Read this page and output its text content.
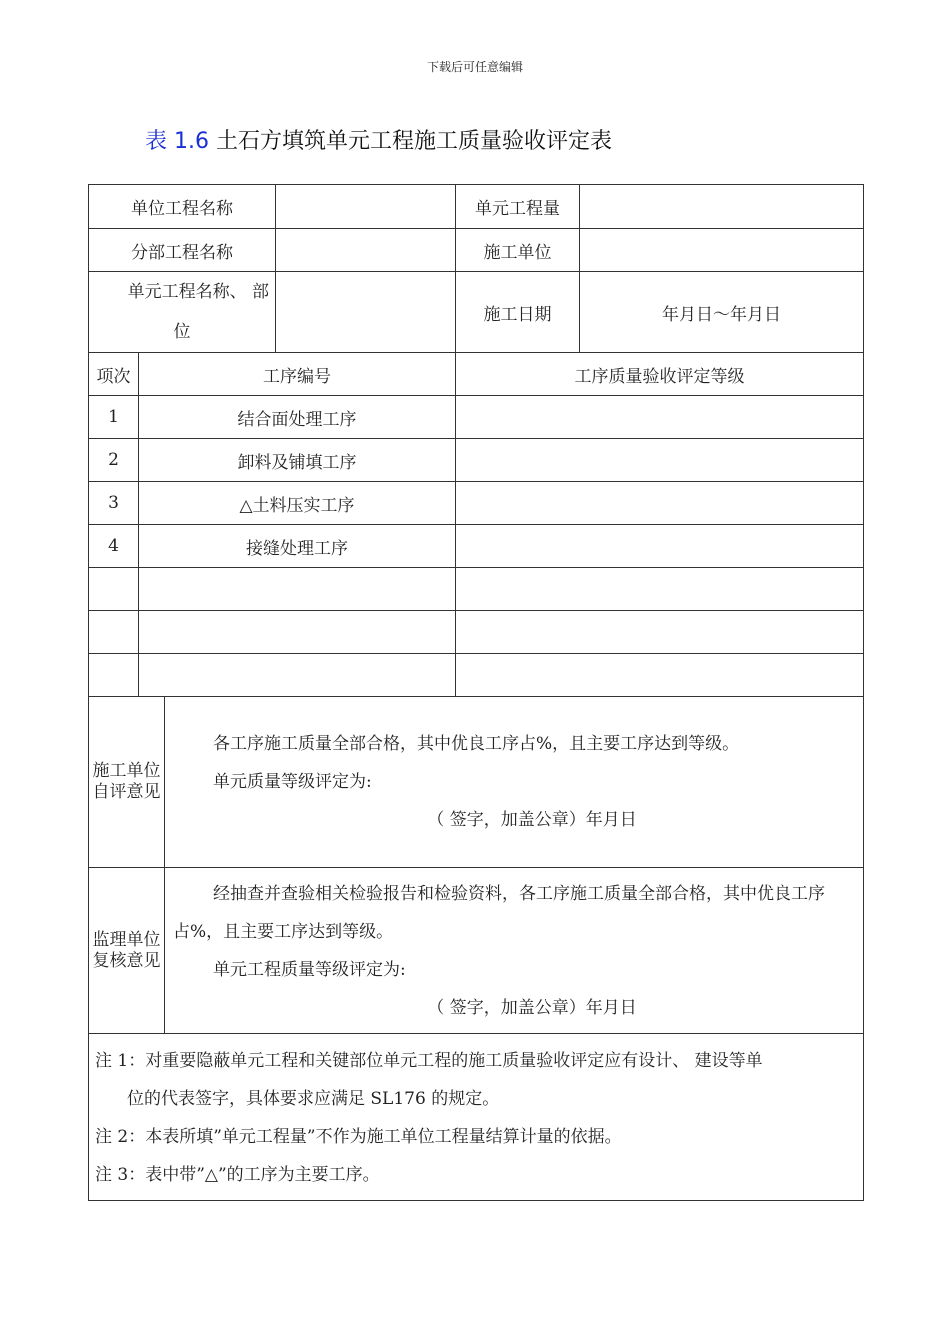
下载后可任意编辑
表 1.6 土石方填筑单元工程施工质量验收评定表
单位工程名称				单元工程量	
分部工程名称				施工单位	

单元工程名称、 部
位				施工日期	年月日～年月日
项次	工序编号			工序质量验收评定等级	
1	结合面处理工序				
2	卸料及铺填工序				
3	△土料压实工序				
4	接缝处理工序				

施工单位自评意见		各工序施工质量全部合格，其中优良工序占%，且主要工序达到等级。
单元质量等级评定为:
（ 签字，加盖公章）年月日			

监理单位复核意见		经抽查并查验相关检验报告和检验资料，各工序施工质量全部合格，其中优良工序占%，且主要工序达到等级。
单元工程质量等级评定为:
（ 签字，加盖公章）年月日			

注 1：对重要隐蔽单元工程和关键部位单元工程的施工质量验收评定应有设计、 建设等单
位的代表签字，具体要求应满足 SL176 的规定。
注 2：本表所填”单元工程量”不作为施工单位工程量结算计量的依据。
注 3：表中带”△”的工序为主要工序。					
